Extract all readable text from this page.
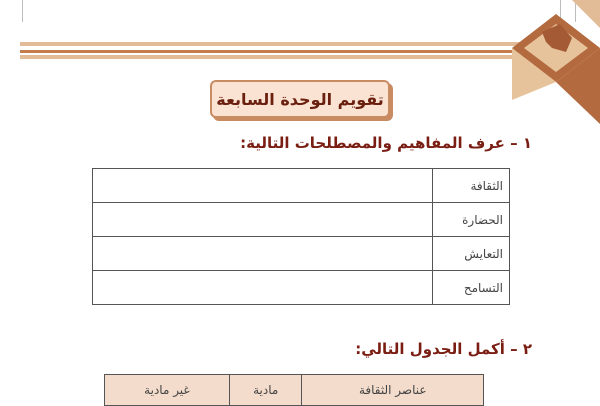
تقويم الوحدة السابعة
١ – عرف المفاهيم والمصطلحات التالية:
الثقافة	
الحضارة	
التعايش	
التسامح	
٢ – أكمل الجدول التالي:
عناصر الثقافة	مادية	غير مادية
